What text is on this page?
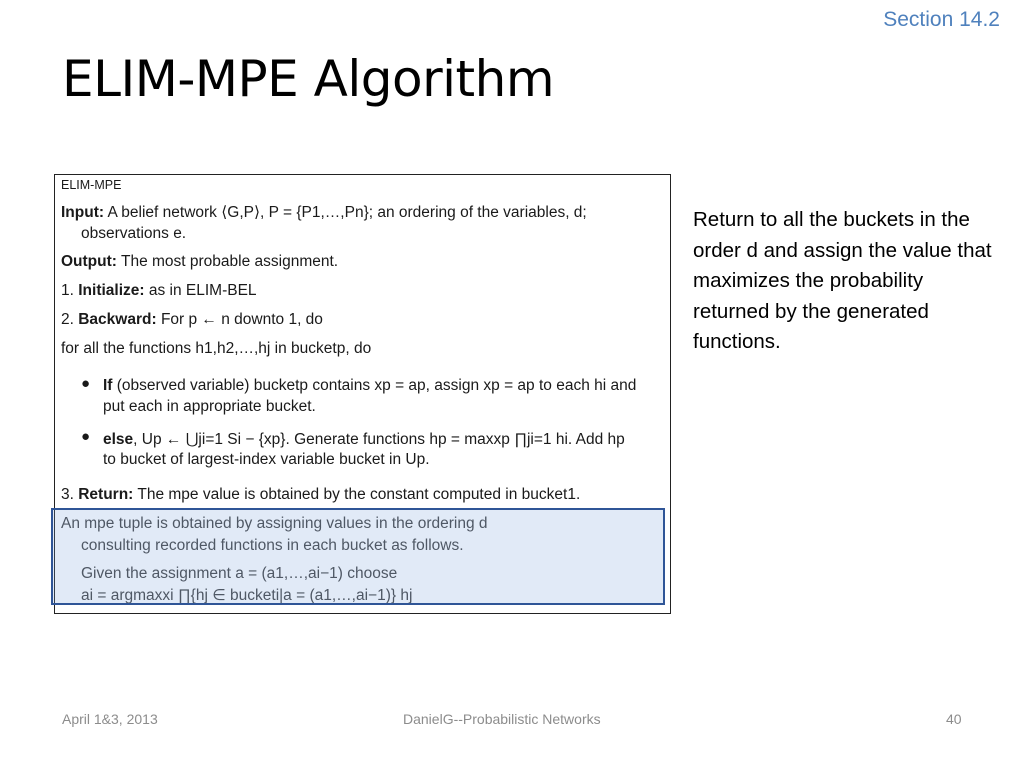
Section 14.2
ELIM-MPE Algorithm
ELIM-MPE
Input: A belief network ⟨G,P⟩, P = {P1,…,Pn}; an ordering of the variables, d;
observations e.
Output: The most probable assignment.
1. Initialize: as in ELIM-BEL
2. Backward: For p ← n downto 1, do
for all the functions h1,h2,…,hj in bucketp, do
● If (observed variable) bucketp contains xp = ap, assign xp = ap to each hi and
put each in appropriate bucket.
● else, Up ← ⋃ji=1 Si − {xp}. Generate functions hp = maxxp ∏ji=1 hi. Add hp
to bucket of largest-index variable bucket in Up.
3. Return: The mpe value is obtained by the constant computed in bucket1.
An mpe tuple is obtained by assigning values in the ordering d
consulting recorded functions in each bucket as follows.
Given the assignment a = (a1,…,ai−1) choose
ai = argmaxxi ∏{hj ∈ bucketi|a = (a1,…,ai−1)} hj
Return to all the buckets in the order d and assign the value that maximizes the probability returned by the generated functions.
April 1&3, 2013	DanielG--Probabilistic Networks	40
